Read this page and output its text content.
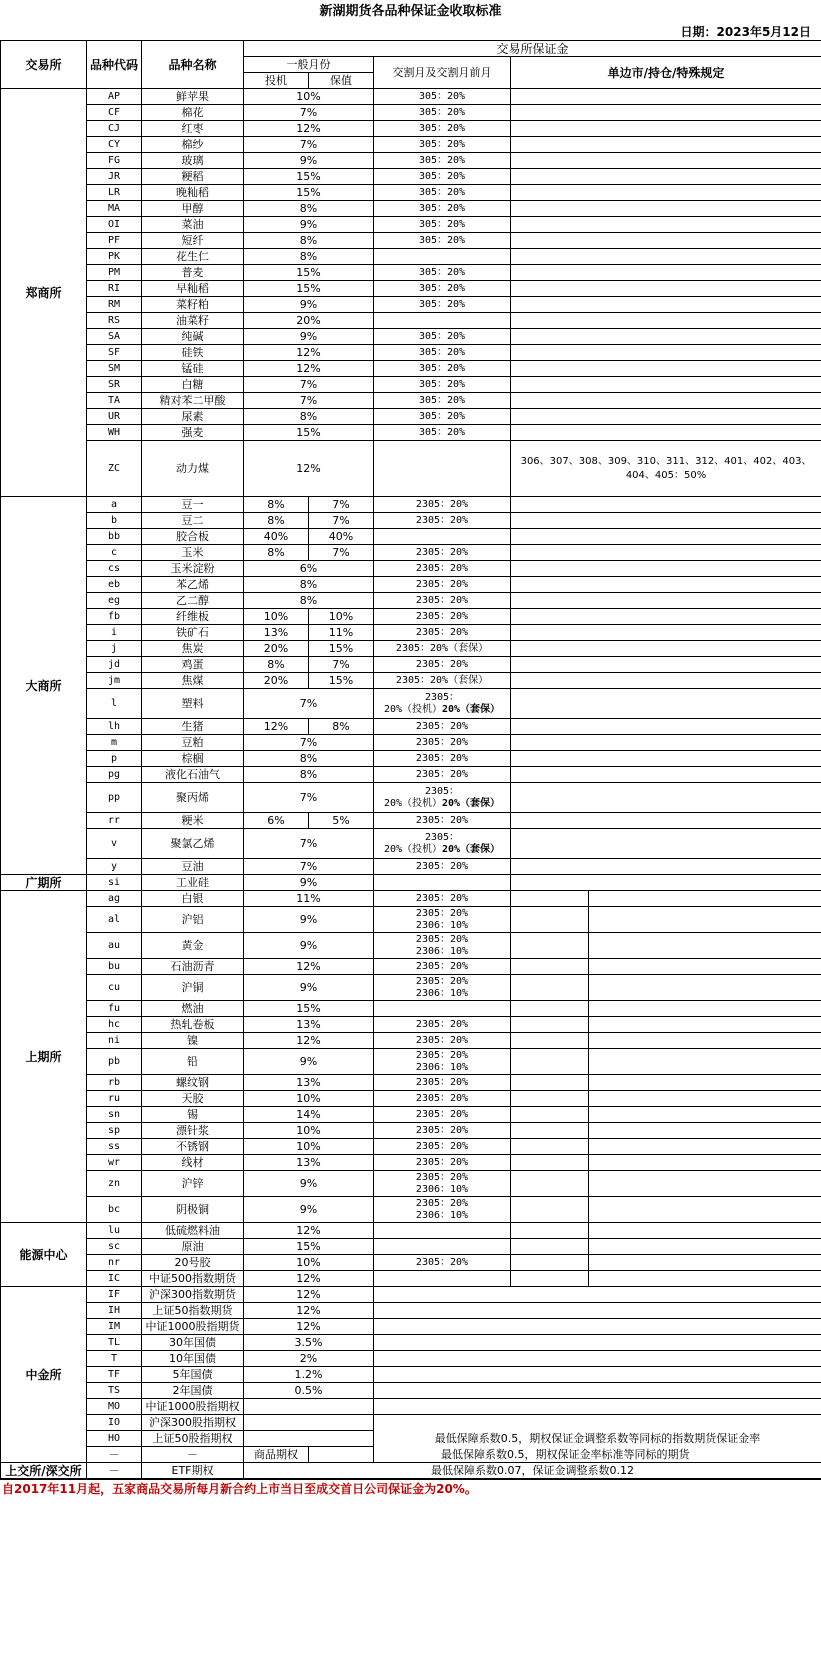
新湖期货各品种保证金收取标准
日期：2023年5月12日
交易所	品种代码	品种名称	交易所保证金	
			一般月份		交割月及交割月前月	单边市/持仓/特殊规定		
			投机	保值				
郑商所	AP	鲜苹果	10%		305：20%		
	CF	棉花	7%		305：20%		
	CJ	红枣	12%		305：20%		
	CY	棉纱	7%		305：20%		
	FG	玻璃	9%		305：20%		
	JR	粳稻	15%		305：20%		
	LR	晚籼稻	15%		305：20%		
	MA	甲醇	8%		305：20%		
	OI	菜油	9%		305：20%		
	PF	短纤	8%		305：20%		
	PK	花生仁	8%			
	PM	普麦	15%		305：20%		
	RI	早籼稻	15%		305：20%		
	RM	菜籽粕	9%		305：20%		
	RS	油菜籽	20%			
	SA	纯碱	9%		305：20%		
	SF	硅铁	12%		305：20%		
	SM	锰硅	12%		305：20%		
	SR	白糖	7%		305：20%		
	TA	精对苯二甲酸	7%		305：20%		
	UR	尿素	8%		305：20%		
	WH	强麦	15%		305：20%		
	ZC	动力煤	12%			306、307、308、309、310、311、312、401、402、403、404、405：50%	
大商所	a	豆一	8%	7%	2305：20%		
	b	豆二	8%	7%	2305：20%		
	bb	胶合板	40%	40%			
	c	玉米	8%	7%	2305：20%		
	cs	玉米淀粉	6%		2305：20%		
	eb	苯乙烯	8%		2305：20%		
	eg	乙二醇	8%		2305：20%		
	fb	纤维板	10%	10%	2305：20%		
	i	铁矿石	13%	11%	2305：20%		
	j	焦炭	20%	15%	2305：20%（套保）		
	jd	鸡蛋	8%	7%	2305：20%		
	jm	焦煤	20%	15%	2305：20%（套保）		
	l	塑料	7%		2305：
20%（投机）20%（套保）

	lh	生猪	12%	8%	2305：20%		
	m	豆粕	7%		2305：20%		
	p	棕榈	8%		2305：20%		
	pg	液化石油气	8%		2305：20%		
	pp	聚丙烯	7%		2305：
20%（投机）20%（套保）

	rr	粳米	6%	5%	2305：20%		
	v	聚氯乙烯	7%		2305：
20%（投机）20%（套保）

	y	豆油	7%		2305：20%		
广期所	si	工业硅	9%			
上期所	ag	白银	11%		2305：20%			
	al	沪铝	9%		2305：20%
2306：10%

	au	黄金	9%		2305：20%
2306：10%

	bu	石油沥青	12%		2305：20%			
	cu	沪铜	9%		2305：20%
2306：10%

	fu	燃油	15%				
	hc	热轧卷板	13%		2305：20%			
	ni	镍	12%		2305：20%			
	pb	铅	9%		2305：20%
2306：10%

	rb	螺纹钢	13%		2305：20%			
	ru	天胶	10%		2305：20%			
	sn	锡	14%		2305：20%			
	sp	漂针浆	10%		2305：20%			
	ss	不锈钢	10%		2305：20%			
	wr	线材	13%		2305：20%			
	zn	沪锌	9%		2305：20%
2306：10%

	bc	阴极铜	9%		2305：20%
2306：10%

能源中心	lu	低硫燃料油	12%				
	sc	原油	15%				
	nr	20号胶	10%		2305：20%			
	IC	中证500指数期货	12%				
中金所	IF	沪深300指数期货	12%		
	IH	上证50指数期货	12%		
	IM	中证1000股指期货	12%		
	TL	30年国债	3.5%		
	T	10年国债	2%		
	TF	5年国债	1.2%		
	TS	2年国债	0.5%		
	MO	中证1000股指期权						
	IO	沪深300股指期权			最低保障系数0.5，期权保证金调整系数等同标的指数期货保证金率			
	HO	上证50股指期权						
	－	－	商品期权	最低保障系数0.5，期权保证金率标准等同标的期货				
上交所/深交所	－	ETF期权	最低保障系数0.07，保证金调整系数0.12	
自2017年11月起，五家商品交易所每月新合约上市当日至成交首日公司保证金为20%。
